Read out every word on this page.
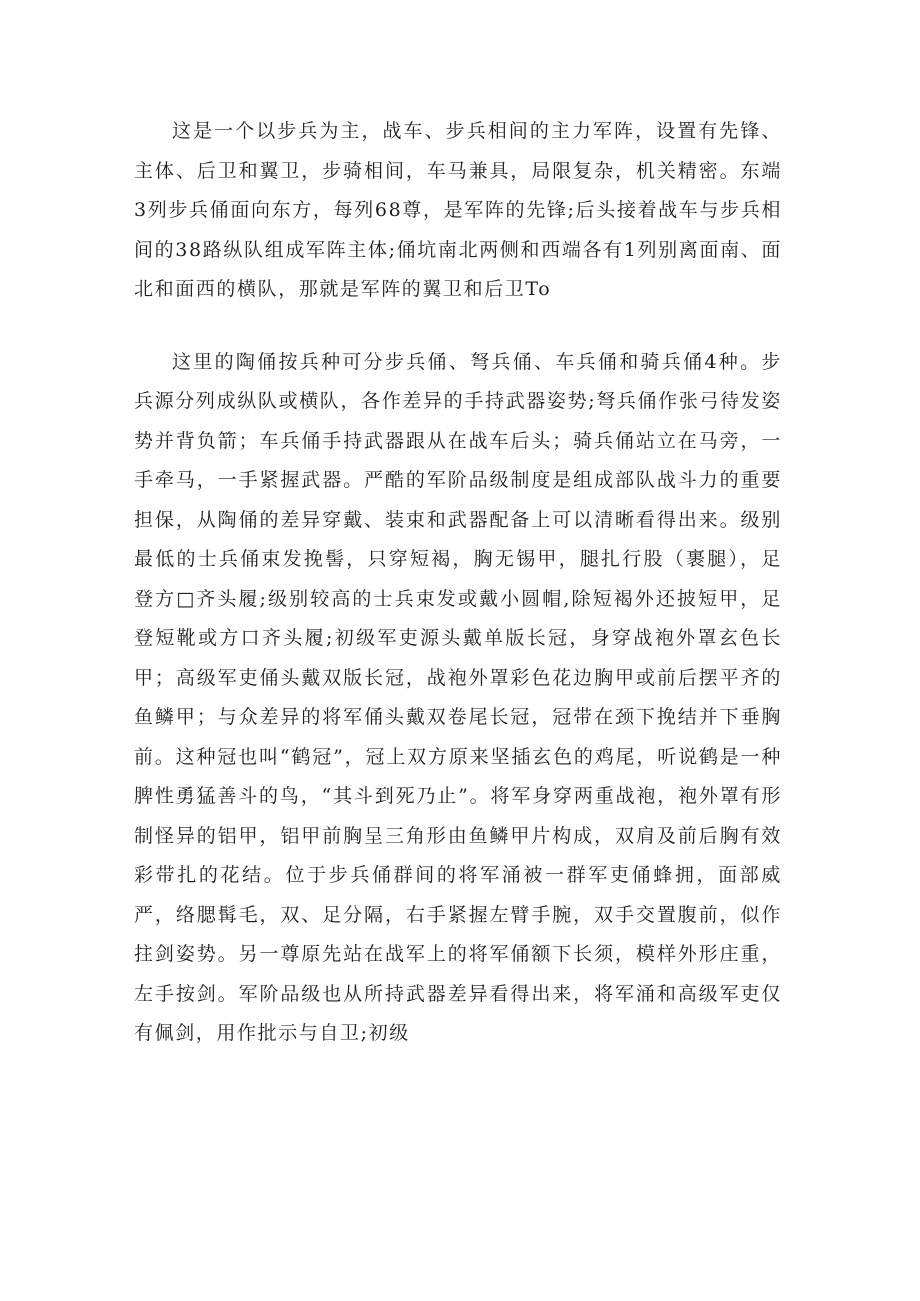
这是一个以步兵为主，战车、步兵相间的主力军阵，设置有先锋、主体、后卫和翼卫，步骑相间，车马兼具，局限复杂，机关精密。东端3列步兵俑面向东方，每列68尊，是军阵的先锋;后头接着战车与步兵相间的38路纵队组成军阵主体;俑坑南北两侧和西端各有1列别离面南、面北和面西的横队，那就是军阵的翼卫和后卫To

这里的陶俑按兵种可分步兵俑、弩兵俑、车兵俑和骑兵俑4种。步兵源分列成纵队或横队，各作差异的手持武器姿势;弩兵俑作张弓待发姿势并背负箭；车兵俑手持武器跟从在战车后头；骑兵俑站立在马旁，一手牵马，一手紧握武器。严酷的军阶品级制度是组成部队战斗力的重要担保，从陶俑的差异穿戴、装束和武器配备上可以清晰看得出来。级别最低的士兵俑束发挽髻，只穿短褐，胸无锡甲，腿扎行股（裹腿），足登方□齐头履;级别较高的士兵束发或戴小圆帽,除短褐外还披短甲，足登短靴或方口齐头履;初级军吏源头戴单版长冠，身穿战袍外罩玄色长甲；高级军吏俑头戴双版长冠，战袍外罩彩色花边胸甲或前后摆平齐的鱼鳞甲；与众差异的将军俑头戴双卷尾长冠，冠带在颈下挽结并下垂胸前。这种冠也叫“鹤冠”，冠上双方原来坚插玄色的鸡尾，听说鹤是一种脾性勇猛善斗的鸟，“其斗到死乃止”。将军身穿两重战袍，袍外罩有形制怪异的铝甲，铝甲前胸呈三角形由鱼鳞甲片构成，双肩及前后胸有效彩带扎的花结。位于步兵俑群间的将军涌被一群军吏俑蜂拥，面部威严，络腮髯毛，双、足分隔，右手紧握左臂手腕，双手交置腹前，似作拄剑姿势。另一尊原先站在战军上的将军俑额下长须，模样外形庄重，左手按剑。军阶品级也从所持武器差异看得出来，将军涌和高级军吏仅有佩剑，用作批示与自卫;初级
